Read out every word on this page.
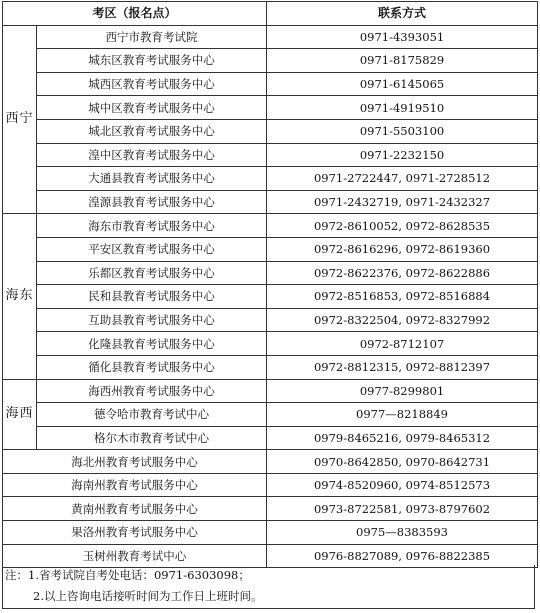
考区（报名点）		联系方式
西宁	西宁市教育考试院	0971-4393051
	城东区教育考试服务中心	0971-8175829
	城西区教育考试服务中心	0971-6145065
	城中区教育考试服务中心	0971-4919510
	城北区教育考试服务中心	0971-5503100
	湟中区教育考试服务中心	0971-2232150
	大通县教育考试服务中心	0971-2722447, 0971-2728512
	湟源县教育考试服务中心	0971-2432719, 0971-2432327
海东	海东市教育考试服务中心	0972-8610052, 0972-8628535
	平安区教育考试服务中心	0972-8616296, 0972-8619360
	乐都区教育考试服务中心	0972-8622376, 0972-8622886
	民和县教育考试服务中心	0972-8516853, 0972-8516884
	互助县教育考试服务中心	0972-8322504, 0972-8327992
	化隆县教育考试服务中心	0972-8712107
	循化县教育考试服务中心	0972-8812315, 0972-8812397
海西	海西州教育考试服务中心	0977-8299801
	德令哈市教育考试中心	0977—8218849
	格尔木市教育考试中心	0979-8465216, 0979-8465312
海北州教育考试服务中心		0970-8642850, 0970-8642731
海南州教育考试服务中心		0974-8520960, 0974-8512573
黄南州教育考试服务中心		0973-8722581, 0973-8797602
果洛州教育考试服务中心		0975—8383593
玉树州教育考试中心		0976-8827089, 0976-8822385
注：1.省考试院自考处电话：0971-6303098；
2.以上咨询电话接听时间为工作日上班时间。
